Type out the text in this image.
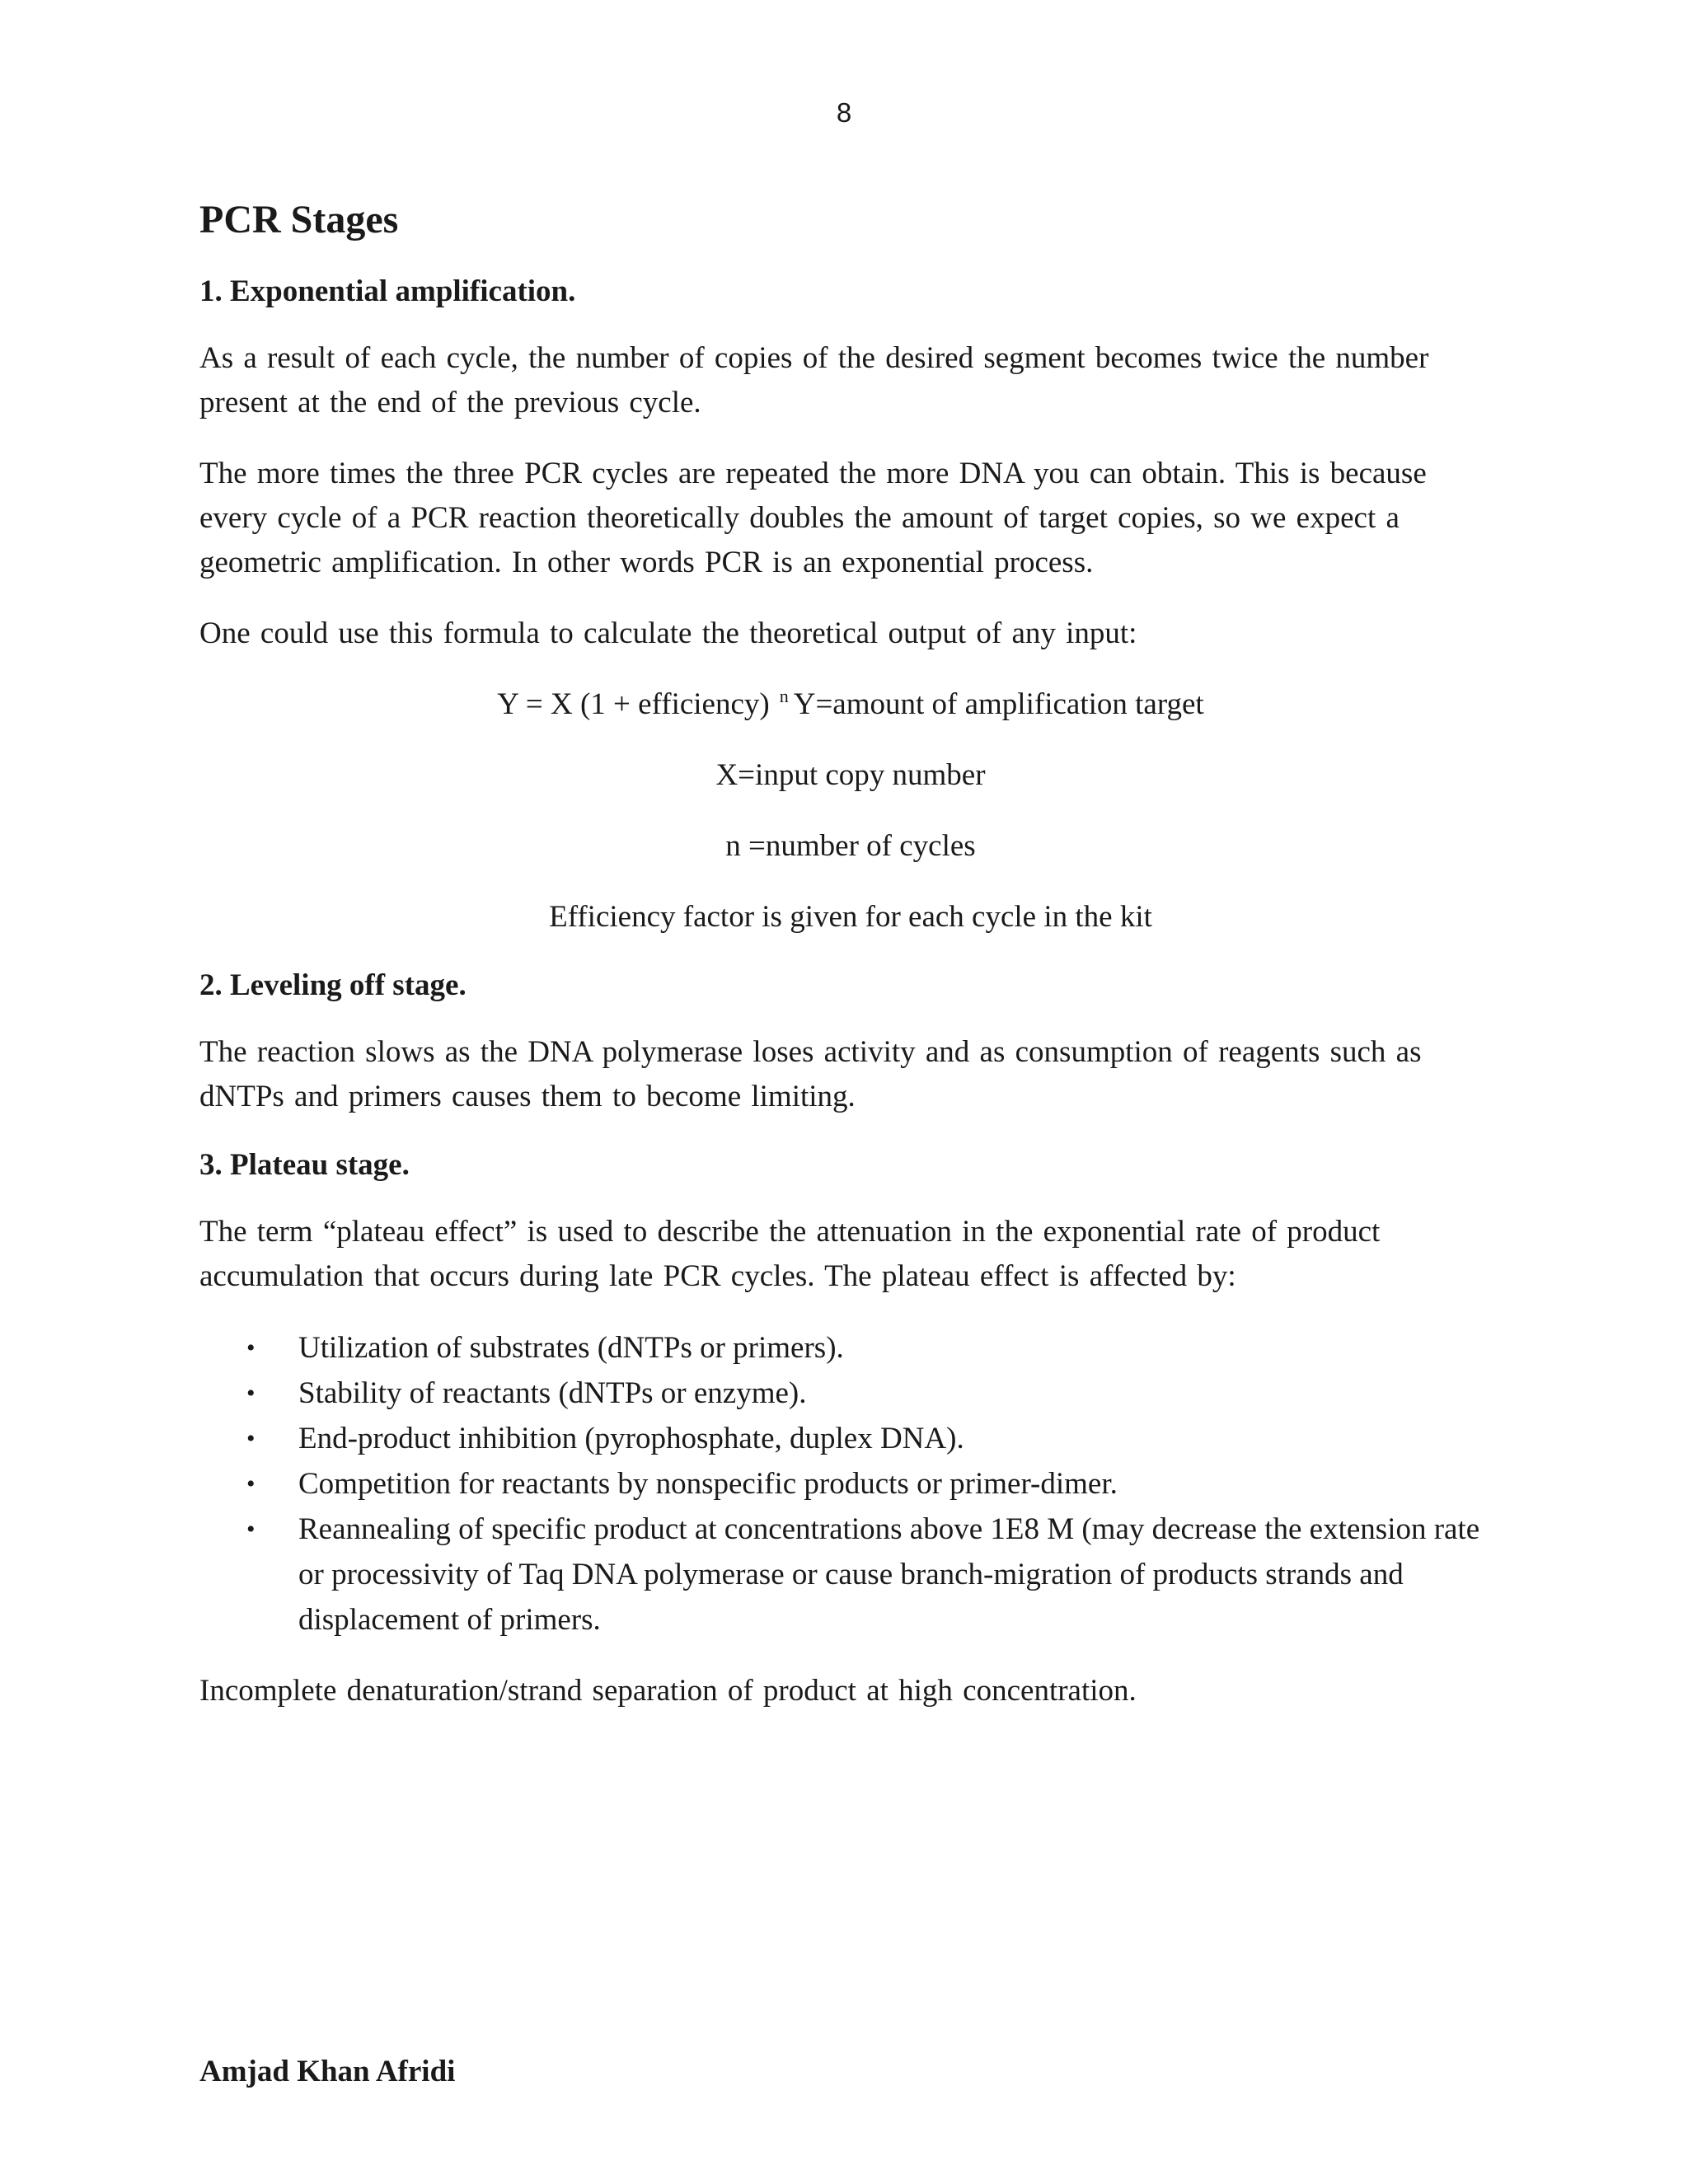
8
PCR Stages
1. Exponential amplification.

As a result of each cycle, the number of copies of the desired segment becomes twice the number present at the end of the previous cycle.

The more times the three PCR cycles are repeated the more DNA you can obtain. This is because every cycle of a PCR reaction theoretically doubles the amount of target copies, so we expect a geometric amplification. In other words PCR is an exponential process.

One could use this formula to calculate the theoretical output of any input:

Y = X (1 + efficiency) $^n$ Y=amount of amplification target
X=input copy number
n =number of cycles
Efficiency factor is given for each cycle in the kit
2. Leveling off stage.

The reaction slows as the DNA polymerase loses activity and as consumption of reagents such as dNTPs and primers causes them to become limiting.

3. Plateau stage.

The term “plateau effect” is used to describe the attenuation in the exponential rate of product accumulation that occurs during late PCR cycles. The plateau effect is affected by:

• Utilization of substrates (dNTPs or primers).
• Stability of reactants (dNTPs or enzyme).
• End-product inhibition (pyrophosphate, duplex DNA).
• Competition for reactants by nonspecific products or primer-dimer.
• Reannealing of specific product at concentrations above 1E8 M (may decrease the extension rate or processivity of Taq DNA polymerase or cause branch-migration of products strands and displacement of primers.

Incomplete denaturation/strand separation of product at high concentration.

Amjad Khan Afridi
